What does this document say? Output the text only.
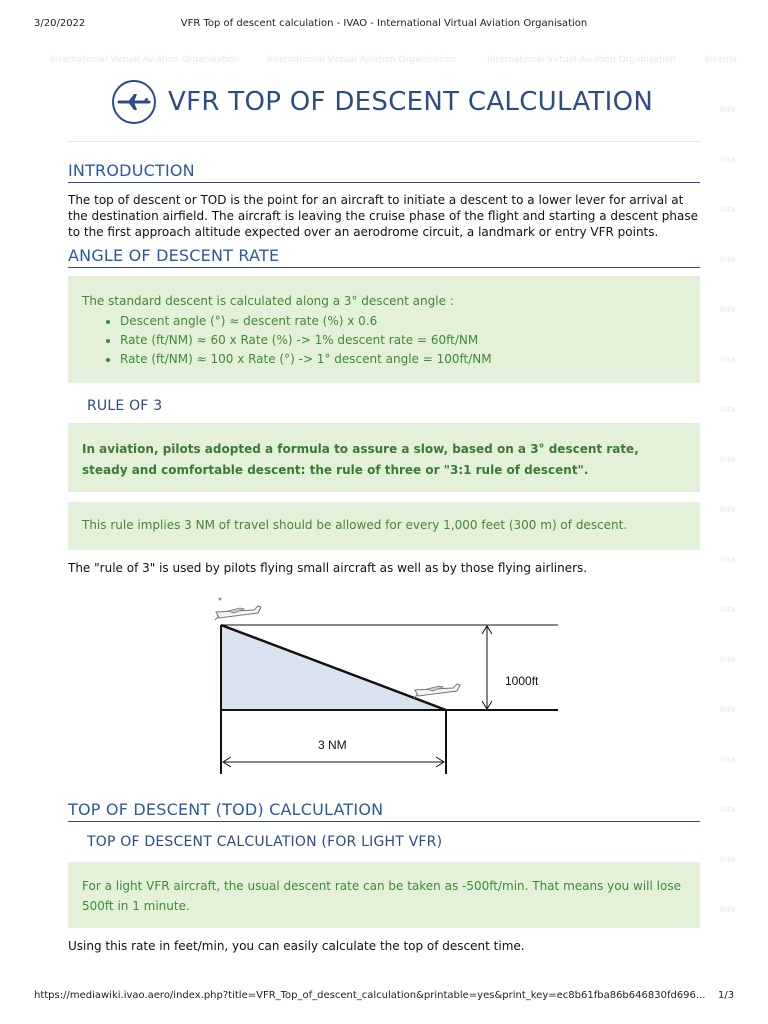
3/20/2022	VFR Top of descent calculation - IVAO - International Virtual Aviation Organisation
International Virtual Aviation Organisation	International Virtual Aviation Organisation	International Virtual Aviation Organisation	Interna
Inte
Inte
Inte
Inte
Inte
Inte
Inte
Inte
Inte
Inte
Inte
Inte
Inte
Inte
Inte
Inte
Inte
VFR TOP OF DESCENT CALCULATION
INTRODUCTION

The top of descent or TOD is the point for an aircraft to initiate a descent to a lower lever for arrival at the destination airfield. The aircraft is leaving the cruise phase of the flight and starting a descent phase to the first approach altitude expected over an aerodrome circuit, a landmark or entry VFR points.

ANGLE OF DESCENT RATE
The standard descent is calculated along a 3° descent angle :
• Descent angle (°) ≈ descent rate (%) x 0.6
• Rate (ft/NM) ≈ 60 x Rate (%) -> 1% descent rate = 60ft/NM
• Rate (ft/NM) ≈ 100 x Rate (°) -> 1° descent angle = 100ft/NM
RULE OF 3
In aviation, pilots adopted a formula to assure a slow, based on a 3° descent rate, steady and comfortable descent: the rule of three or "3:1 rule of descent".
This rule implies 3 NM of travel should be allowed for every 1,000 feet (300 m) of descent.

The "rule of 3" is used by pilots flying small aircraft as well as by those flying airliners.

1000ft
3 NM
TOP OF DESCENT (TOD) CALCULATION
TOP OF DESCENT CALCULATION (FOR LIGHT VFR)
For a light VFR aircraft, the usual descent rate can be taken as -500ft/min. That means you will lose 500ft in 1 minute.

Using this rate in feet/min, you can easily calculate the top of descent time.

https://mediawiki.ivao.aero/index.php?title=VFR_Top_of_descent_calculation&printable=yes&print_key=ec8b61fba86b646830fd696... 1/3
